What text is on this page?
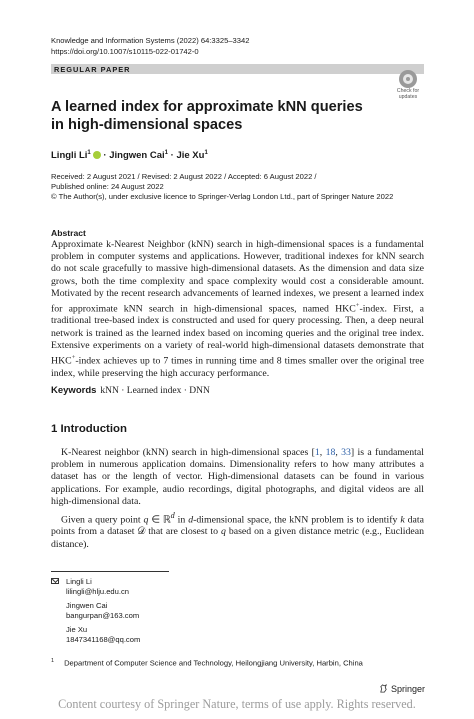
Knowledge and Information Systems (2022) 64:3325–3342
https://doi.org/10.1007/s10115-022-01742-0
REGULAR PAPER
Check for
updates
A learned index for approximate kNN queries in high-dimensional spaces
Lingli $Li^1$ · Jingwen Cai$^1$ · Jie Xu$^1$
Received: 2 August 2021 / Revised: 2 August 2022 / Accepted: 6 August 2022 /
Published online: 24 August 2022
© The Author(s), under exclusive licence to Springer-Verlag London Ltd., part of Springer Nature 2022
Abstract
Approximate k-Nearest Neighbor (kNN) search in high-dimensional spaces is a fundamental problem in computer systems and applications. However, traditional indexes for kNN search do not scale gracefully to massive high-dimensional datasets. As the dimension and data size grows, both the time complexity and space complexity would cost a considerable amount. Motivated by the recent research advancements of learned indexes, we present a learned index for approximate kNN search in high-dimensional spaces, named HKC+-index. First, a traditional tree-based index is constructed and used for query processing. Then, a deep neural network is trained as the learned index based on incoming queries and the original tree index. Extensive experiments on a variety of real-world high-dimensional datasets demonstrate that HKC+-index achieves up to 7 times in running time and 8 times smaller over the original tree index, while preserving the high accuracy performance.
Keywords kNN · Learned index · DNN
1 Introduction
K-Nearest neighbor (kNN) search in high-dimensional spaces [1, 18, 33] is a fundamental problem in numerous application domains. Dimensionality refers to how many attributes a dataset has or the length of vector. High-dimensional datasets can be found in various applications. For example, audio recordings, digital photographs, and digital videos are all high-dimensional data.
Given a query point q ∈ ℝ$^d$ in d-dimensional space, the kNN problem is to identify k data points from a dataset 𝒟 that are closest to q based on a given distance metric (e.g., Euclidean distance).
Lingli Li
lilingli@hlju.edu.cn
Jingwen Cai
bangurpan@163.com
Jie Xu
1847341168@qq.com
$^1$ Department of Computer Science and Technology, Heilongjiang University, Harbin, China
Springer
Content courtesy of Springer Nature, terms of use apply. Rights reserved.
